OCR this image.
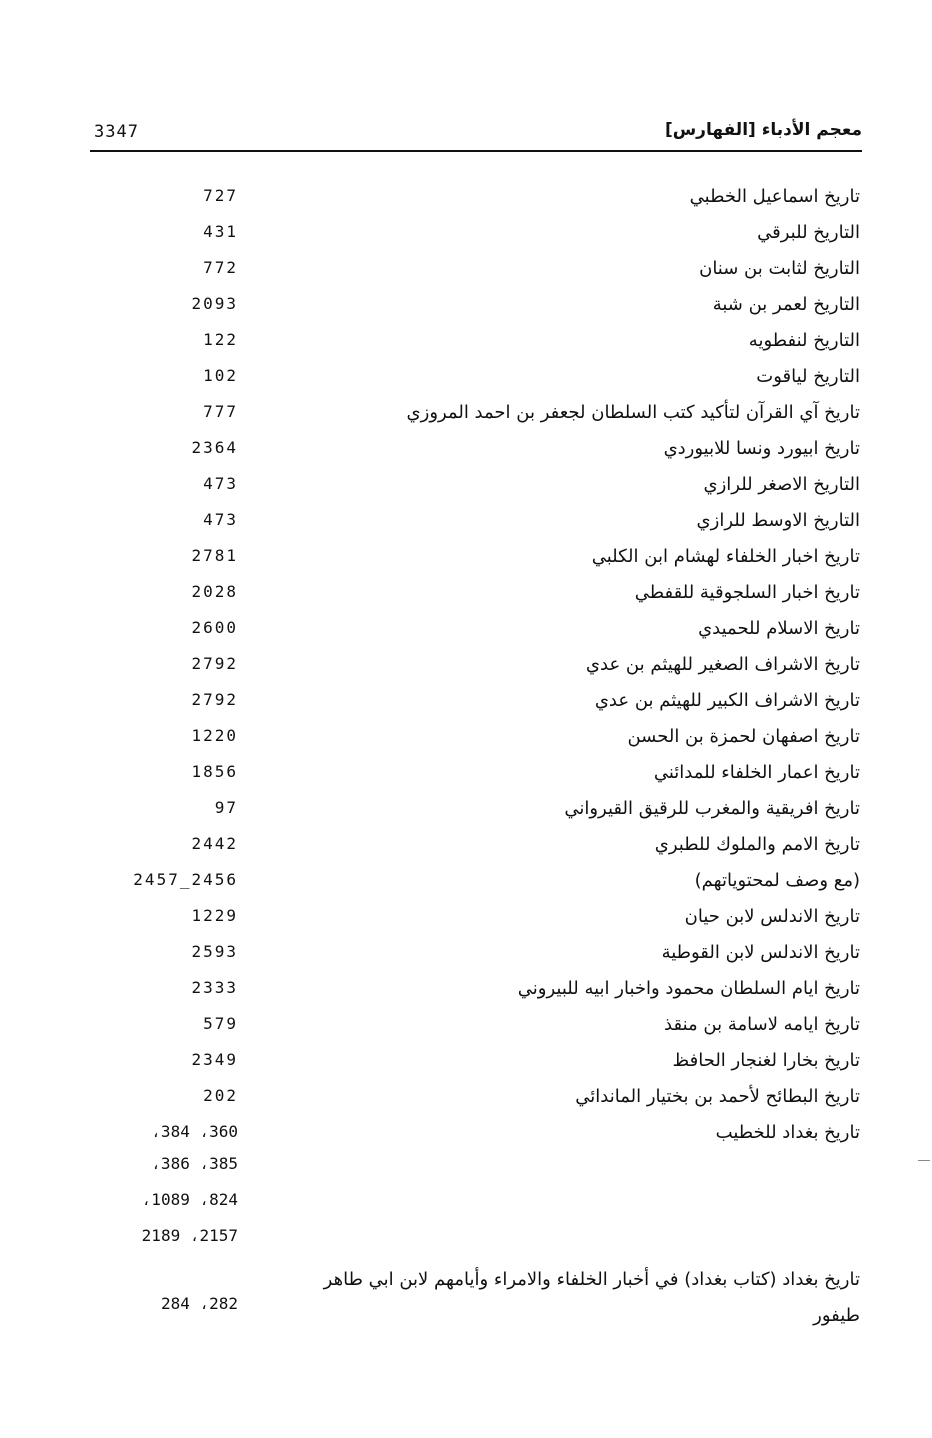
3347	معجم الأدباء [الفهارس]
تاريخ اسماعيل الخطبي
727
التاريخ للبرقي
431
التاريخ لثابت بن سنان
772
التاريخ لعمر بن شبة
2093
التاريخ لنفطويه
122
التاريخ لياقوت
102
تاريخ آي القرآن لتأكيد كتب السلطان لجعفر بن احمد المروزي
777
تاريخ ابيورد ونسا للابيوردي
2364
التاريخ الاصغر للرازي
473
التاريخ الاوسط للرازي
473
تاريخ اخبار الخلفاء لهشام ابن الكلبي
2781
تاريخ اخبار السلجوقية للقفطي
2028
تاريخ الاسلام للحميدي
2600
تاريخ الاشراف الصغير للهيثم بن عدي
2792
تاريخ الاشراف الكبير للهيثم بن عدي
2792
تاريخ اصفهان لحمزة بن الحسن
1220
تاريخ اعمار الخلفاء للمدائني
1856
تاريخ افريقية والمغرب للرقيق القيرواني
97
تاريخ الامم والملوك للطبري
2442
(مع وصف لمحتوياتهم)
2457_2456
تاريخ الاندلس لابن حيان
1229
تاريخ الاندلس لابن القوطية
2593
تاريخ ايام السلطان محمود واخبار ابيه للبيروني
2333
تاريخ ايامه لاسامة بن منقذ
579
تاريخ بخارا لغنجار الحافظ
2349
تاريخ البطائح لأحمد بن بختيار الماندائي
202
تاريخ بغداد للخطيب
،384 ،360
،386 ،385
،1089 ،824
2189 ،2157
تاريخ بغداد (كتاب بغداد) في أخبار الخلفاء والامراء وأيامهم لابن ابي طاهر طيفور
284 ،282
